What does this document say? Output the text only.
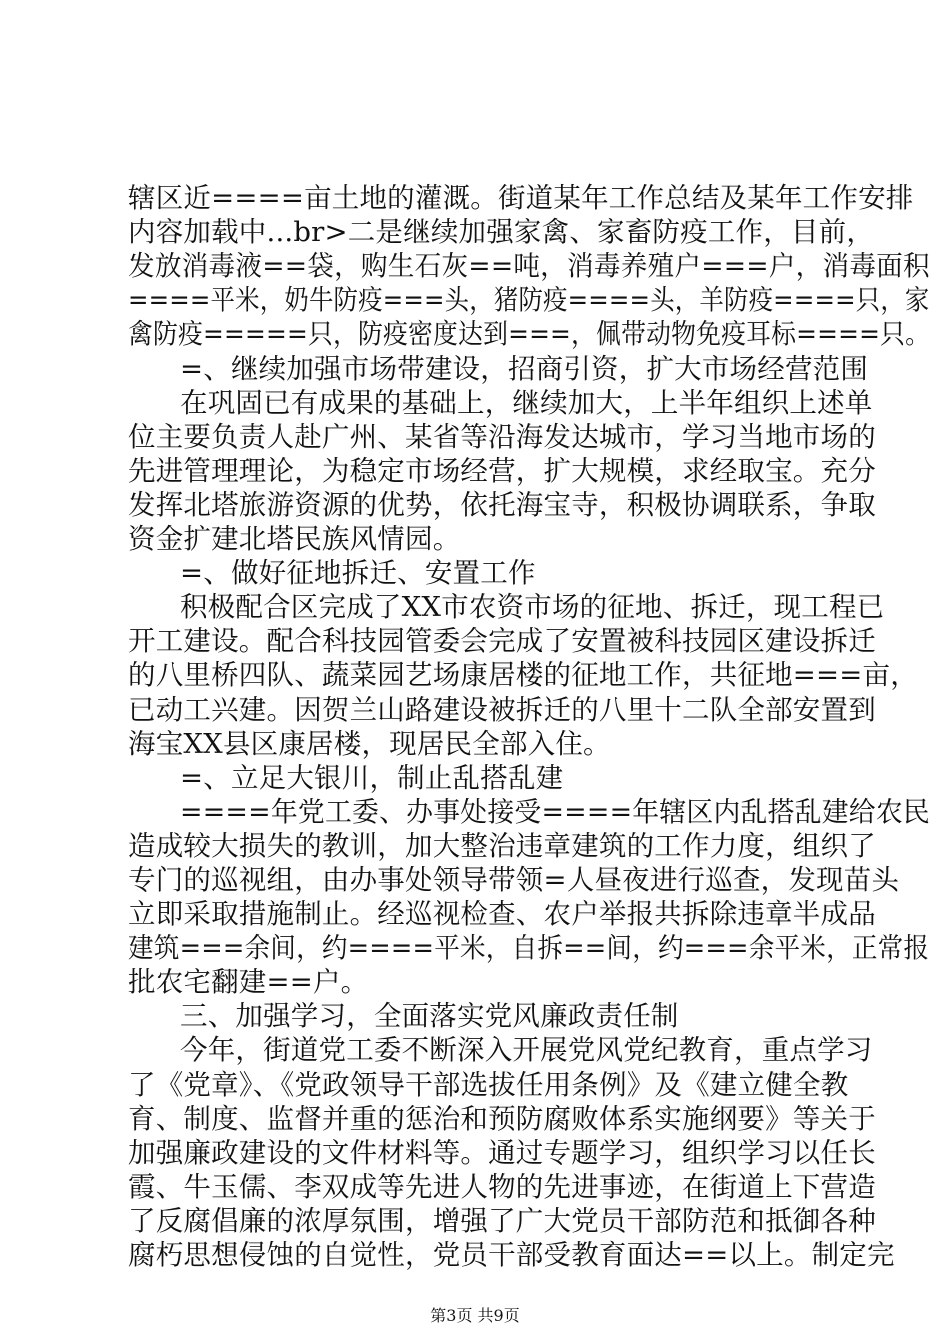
辖区近====亩土地的灌溉。街道某年工作总结及某年工作安排
内容加载中...br>二是继续加强家禽、家畜防疫工作，目前，
发放消毒液==袋，购生石灰==吨，消毒养殖户===户，消毒面积
====平米，奶牛防疫===头，猪防疫====头，羊防疫====只，家
禽防疫=====只，防疫密度达到===，佩带动物免疫耳标====只。
=、继续加强市场带建设，招商引资，扩大市场经营范围
在巩固已有成果的基础上，继续加大，上半年组织上述单
位主要负责人赴广州、某省等沿海发达城市，学习当地市场的
先进管理理论，为稳定市场经营，扩大规模，求经取宝。充分
发挥北塔旅游资源的优势，依托海宝寺，积极协调联系，争取
资金扩建北塔民族风情园。
=、做好征地拆迁、安置工作
积极配合区完成了XX市农资市场的征地、拆迁，现工程已
开工建设。配合科技园管委会完成了安置被科技园区建设拆迁
的八里桥四队、蔬菜园艺场康居楼的征地工作，共征地===亩，
已动工兴建。因贺兰山路建设被拆迁的八里十二队全部安置到
海宝XX县区康居楼，现居民全部入住。
=、立足大银川，制止乱搭乱建
====年党工委、办事处接受====年辖区内乱搭乱建给农民
造成较大损失的教训，加大整治违章建筑的工作力度，组织了
专门的巡视组，由办事处领导带领=人昼夜进行巡查，发现苗头
立即采取措施制止。经巡视检查、农户举报共拆除违章半成品
建筑===余间，约====平米，自拆==间，约===余平米，正常报
批农宅翻建==户。
三、加强学习，全面落实党风廉政责任制
今年，街道党工委不断深入开展党风党纪教育，重点学习
了《党章》、《党政领导干部选拔任用条例》及《建立健全教
育、制度、监督并重的惩治和预防腐败体系实施纲要》等关于
加强廉政建设的文件材料等。通过专题学习，组织学习以任长
霞、牛玉儒、李双成等先进人物的先进事迹，在街道上下营造
了反腐倡廉的浓厚氛围，增强了广大党员干部防范和抵御各种
腐朽思想侵蚀的自觉性，党员干部受教育面达==以上。制定完
第3页 共9页
